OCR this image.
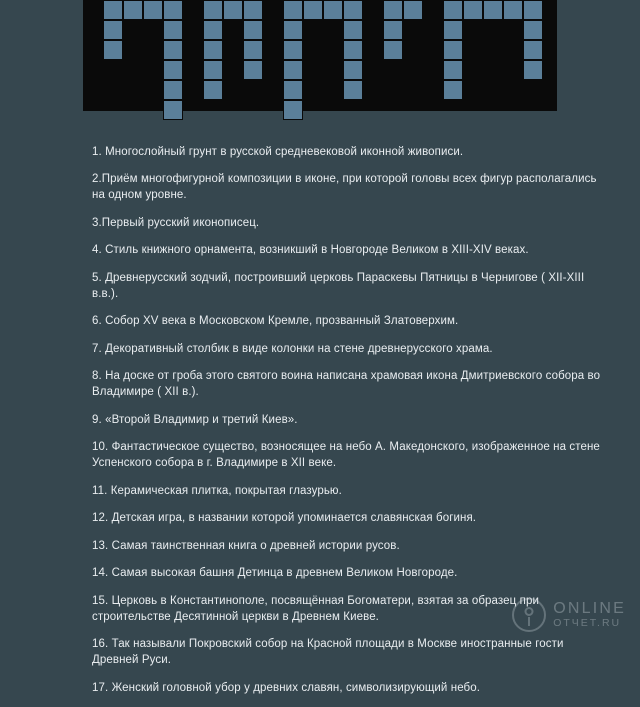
1. Многослойный грунт в русской средневековой иконной живописи.

2.Приём многофигурной композиции в иконе, при которой головы всех фигур располагались на одном уровне.

3.Первый русский иконописец.

4. Стиль книжного орнамента, возникший в Новгороде Великом в XIII-XIV веках.

5. Древнерусский зодчий, построивший церковь Параскевы Пятницы в Чернигове ( XII-XIII в.в.).

6. Собор XV века в Московском Кремле, прозванный Златоверхим.

7. Декоративный столбик в виде колонки на стене древнерусского храма.

8. На доске от гроба этого святого воина написана храмовая икона Дмитриевского собора во Владимире ( XII в.).

9. «Второй Владимир и третий Киев».

10. Фантастическое существо, возносящее на небо А. Македонского, изображенное на стене Успенского собора в г. Владимире в XII веке.

11. Керамическая плитка, покрытая глазурью.

12. Детская игра, в названии которой упоминается славянская богиня.

13. Самая таинственная книга о древней истории русов.

14. Самая высокая башня Детинца в древнем Великом Новгороде.

15. Церковь в Константинополе, посвящённая Богоматери, взятая за образец при строительстве Десятинной церкви в Древнем Киеве.

16. Так называли Покровский собор на Красной площади в Москве иностранные гости Древней Руси.

17. Женский головной убор у древних славян, символизирующий небо.

ONLINE
ОТЧЕТ.RU
